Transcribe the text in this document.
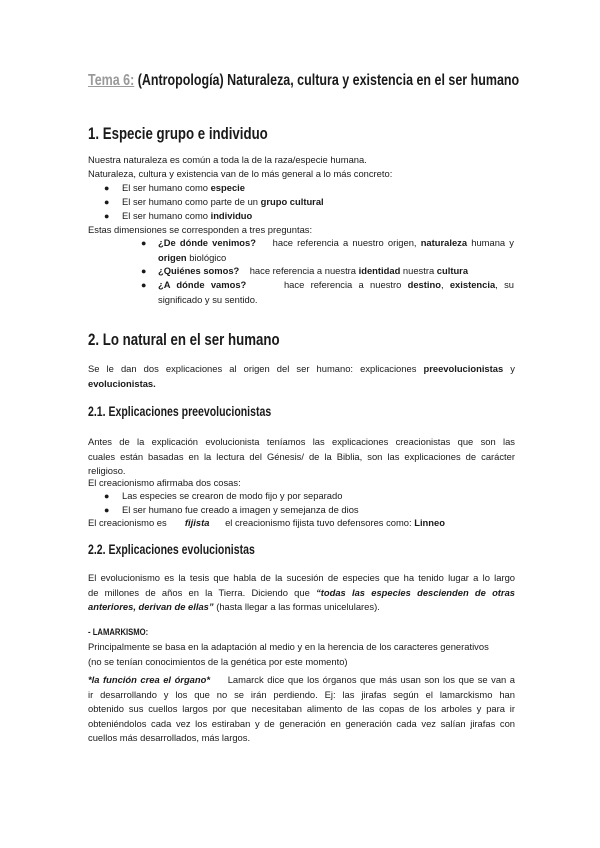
Tema 6: (Antropología) Naturaleza, cultura y existencia en el ser humano
1. Especie grupo e individuo
Nuestra naturaleza es común a toda la de la raza/especie humana.
Naturaleza, cultura y existencia van de lo más general a lo más concreto:
● El ser humano como especie
● El ser humano como parte de un grupo cultural
● El ser humano como individuo
Estas dimensiones se corresponden a tres preguntas:
● ¿De dónde venimos? hace referencia a nuestro origen, naturaleza humana y
origen biológico
● ¿Quiénes somos? hace referencia a nuestra identidad nuestra cultura
● ¿A dónde vamos?	hace referencia a nuestro destino, existencia, su
significado y su sentido.
2. Lo natural en el ser humano
Se le dan dos explicaciones al origen del ser humano: explicaciones preevolucionistas y
evolucionistas.
2.1. Explicaciones preevolucionistas
Antes de la explicación evolucionista teníamos las explicaciones creacionistas que son las
cuales están basadas en la lectura del Génesis/ de la Biblia, son las explicaciones de carácter
religioso.
El creacionismo afirmaba dos cosas:
● Las especies se crearon de modo fijo y por separado
● El ser humano fue creado a imagen y semejanza de dios
El creacionismo es fijista el creacionismo fijista tuvo defensores como: Linneo
2.2. Explicaciones evolucionistas
El evolucionismo es la tesis que habla de la sucesión de especies que ha tenido lugar a lo largo
de millones de años en la Tierra. Diciendo que “todas las especies descienden de otras
anteriores, derivan de ellas” (hasta llegar a las formas unicelulares).
- LAMARKISMO:
Principalmente se basa en la adaptación al medio y en la herencia de los caracteres generativos
(no se tenían conocimientos de la genética por este momento)
*la función crea el órgano* Lamarck dice que los órganos que más usan son los que se van a
ir desarrollando y los que no se irán perdiendo. Ej: las jirafas según el lamarckismo han
obtenido sus cuellos largos por que necesitaban alimento de las copas de los arboles y para ir
obteniéndolos cada vez los estiraban y de generación en generación cada vez salían jirafas con
cuellos más desarrollados, más largos.
